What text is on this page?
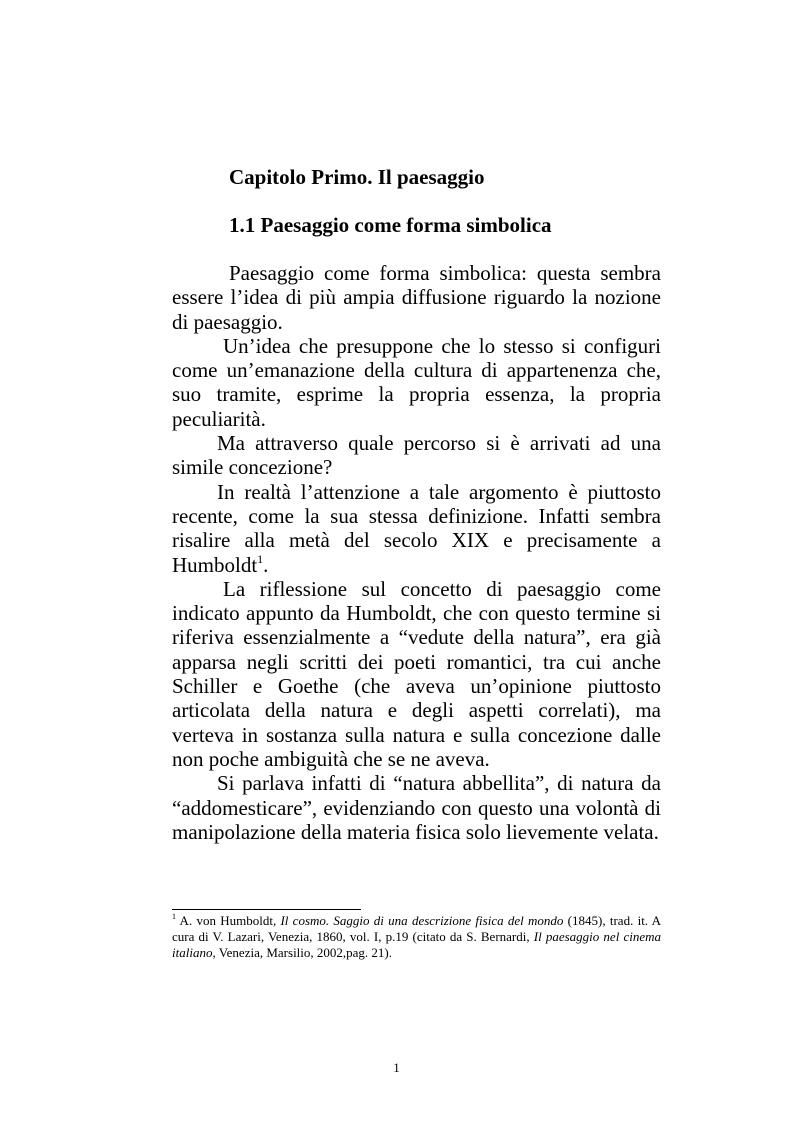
Capitolo Primo. Il paesaggio
1.1 Paesaggio come forma simbolica

Paesaggio come forma simbolica: questa sembra essere l’idea di più ampia diffusione riguardo la nozione di paesaggio.

Un’idea che presuppone che lo stesso si configuri come un’emanazione della cultura di appartenenza che, suo tramite, esprime la propria essenza, la propria peculiarità.

Ma attraverso quale percorso si è arrivati ad una simile concezione?

In realtà l’attenzione a tale argomento è piuttosto recente, come la sua stessa definizione. Infatti sembra risalire alla metà del secolo XIX e precisamente a Humboldt$^1$.

La riflessione sul concetto di paesaggio come indicato appunto da Humboldt, che con questo termine si riferiva essenzialmente a “vedute della natura”, era già apparsa negli scritti dei poeti romantici, tra cui anche Schiller e Goethe (che aveva un’opinione piuttosto articolata della natura e degli aspetti correlati), ma verteva in sostanza sulla natura e sulla concezione dalle non poche ambiguità che se ne aveva.

Si parlava infatti di “natura abbellita”, di natura da “addomesticare”, evidenziando con questo una volontà di manipolazione della materia fisica solo lievemente velata.

$^1$ A. von Humboldt, Il cosmo. Saggio di una descrizione fisica del mondo (1845), trad. it. A cura di V. Lazari, Venezia, 1860, vol. I, p.19 (citato da S. Bernardi, Il paesaggio nel cinema italiano, Venezia, Marsilio, 2002,pag. 21).
1
